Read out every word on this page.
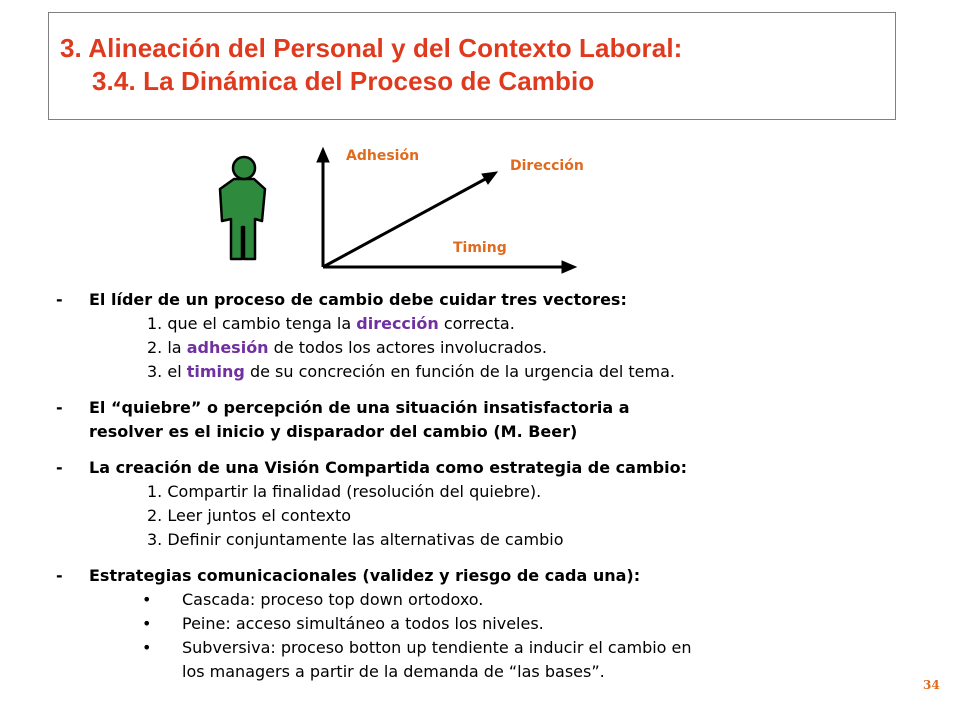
3. Alineación del Personal y del Contexto Laboral:
3.4. La Dinámica del Proceso de Cambio
Adhesión
Dirección
Timing
- El líder de un proceso de cambio debe cuidar tres vectores:
1. que el cambio tenga la dirección correcta.
2. la adhesión de todos los actores involucrados.
3. el timing de su concreción en función de la urgencia del tema.
- El “quiebre” o percepción de una situación insatisfactoria a
resolver es el inicio y disparador del cambio (M. Beer)
- La creación de una Visión Compartida como estrategia de cambio:
1. Compartir la finalidad (resolución del quiebre).
2. Leer juntos el contexto
3. Definir conjuntamente las alternativas de cambio
- Estrategias comunicacionales (validez y riesgo de cada una):
• Cascada: proceso top down ortodoxo.
• Peine: acceso simultáneo a todos los niveles.
• Subversiva: proceso botton up tendiente a inducir el cambio en
los managers a partir de la demanda de “las bases”.
34
